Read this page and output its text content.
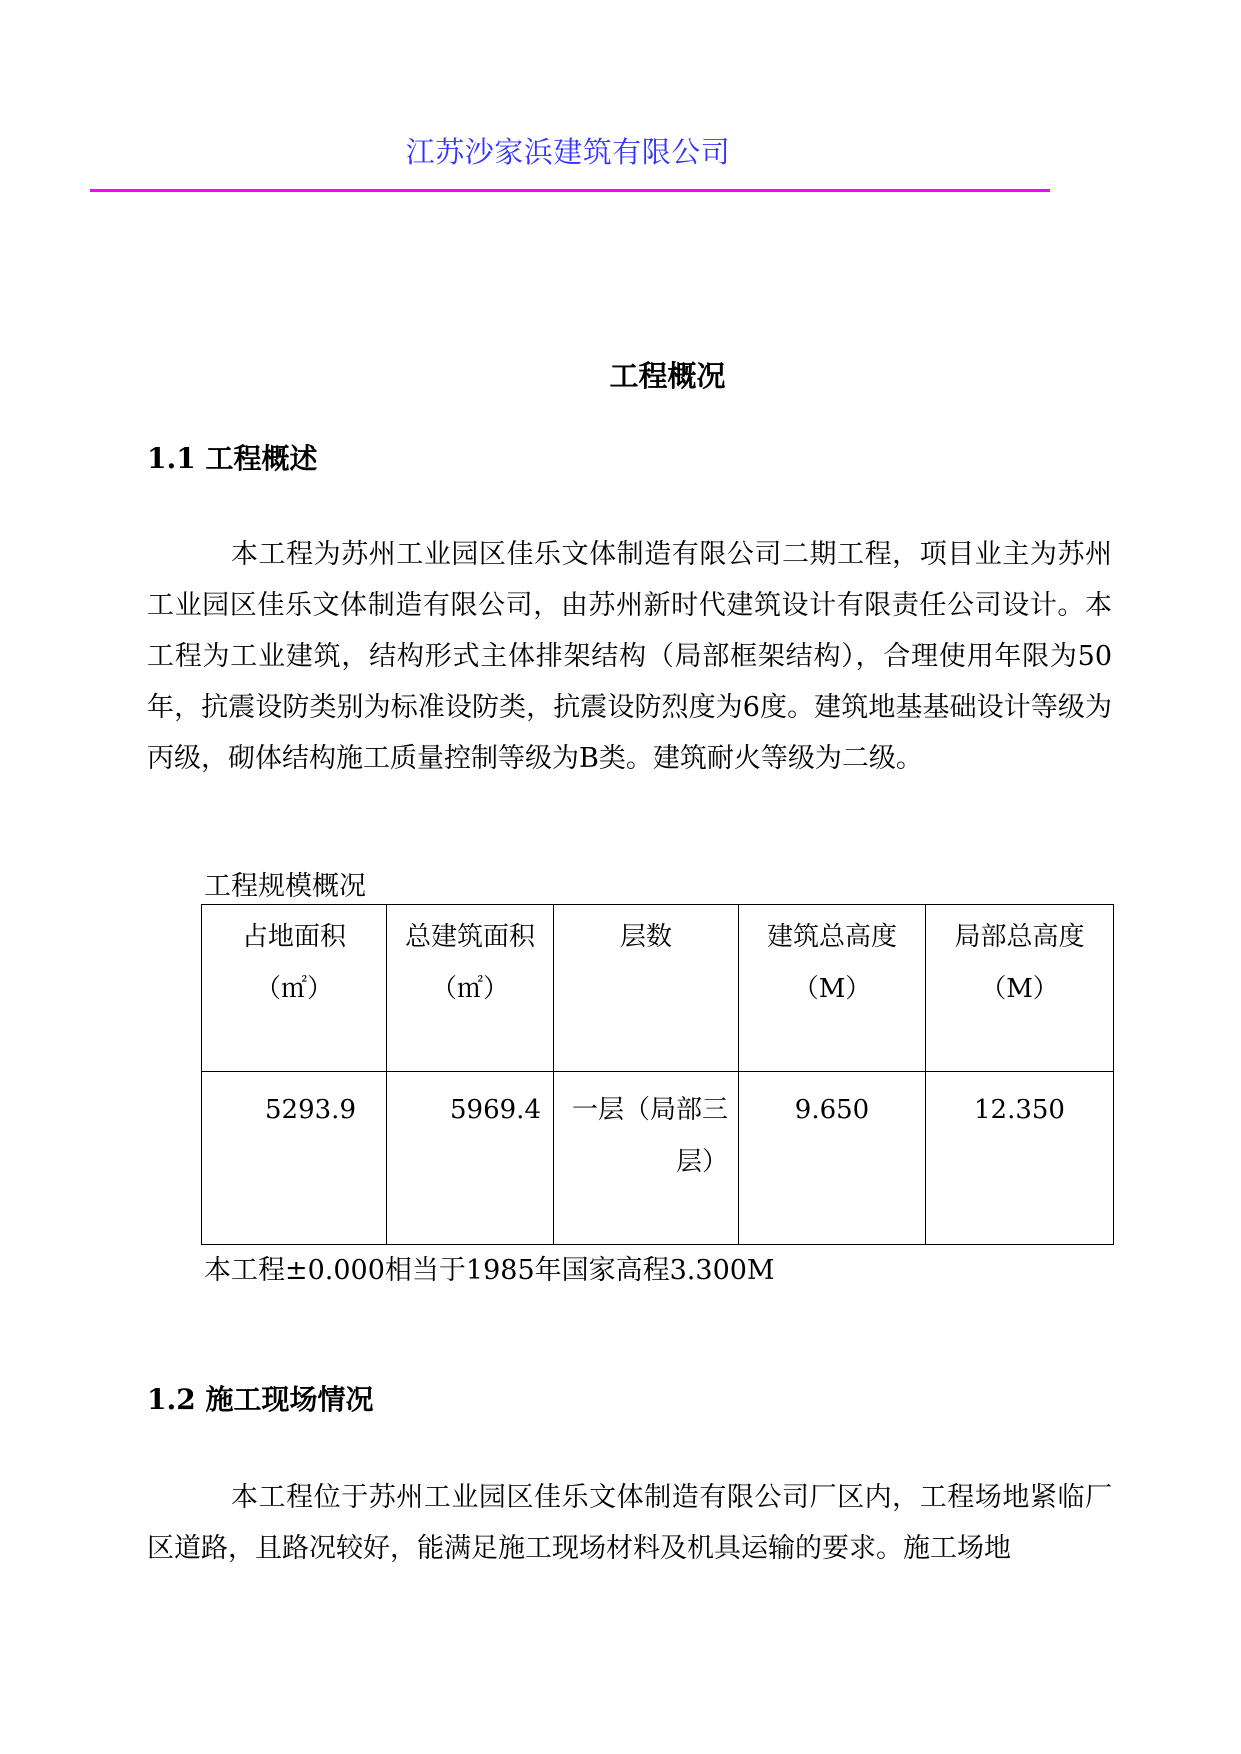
江苏沙家浜建筑有限公司
工程概况
1.1 工程概述
本工程为苏州工业园区佳乐文体制造有限公司二期工程，项目业主为苏州工业园区佳乐文体制造有限公司，由苏州新时代建筑设计有限责任公司设计。本工程为工业建筑，结构形式主体排架结构（局部框架结构），合理使用年限为50年，抗震设防类别为标准设防类，抗震设防烈度为6度。建筑地基基础设计等级为丙级，砌体结构施工质量控制等级为B类。建筑耐火等级为二级。
工程规模概况
占地面积（㎡）	总建筑面积（㎡）	层数	建筑总高度（M）	局部总高度（M）
5293.9	5969.4	一层（局部三层）	9.650	12.350
本工程±0.000相当于1985年国家高程3.300M
1.2 施工现场情况
本工程位于苏州工业园区佳乐文体制造有限公司厂区内，工程场地紧临厂区道路，且路况较好，能满足施工现场材料及机具运输的要求。施工场地
